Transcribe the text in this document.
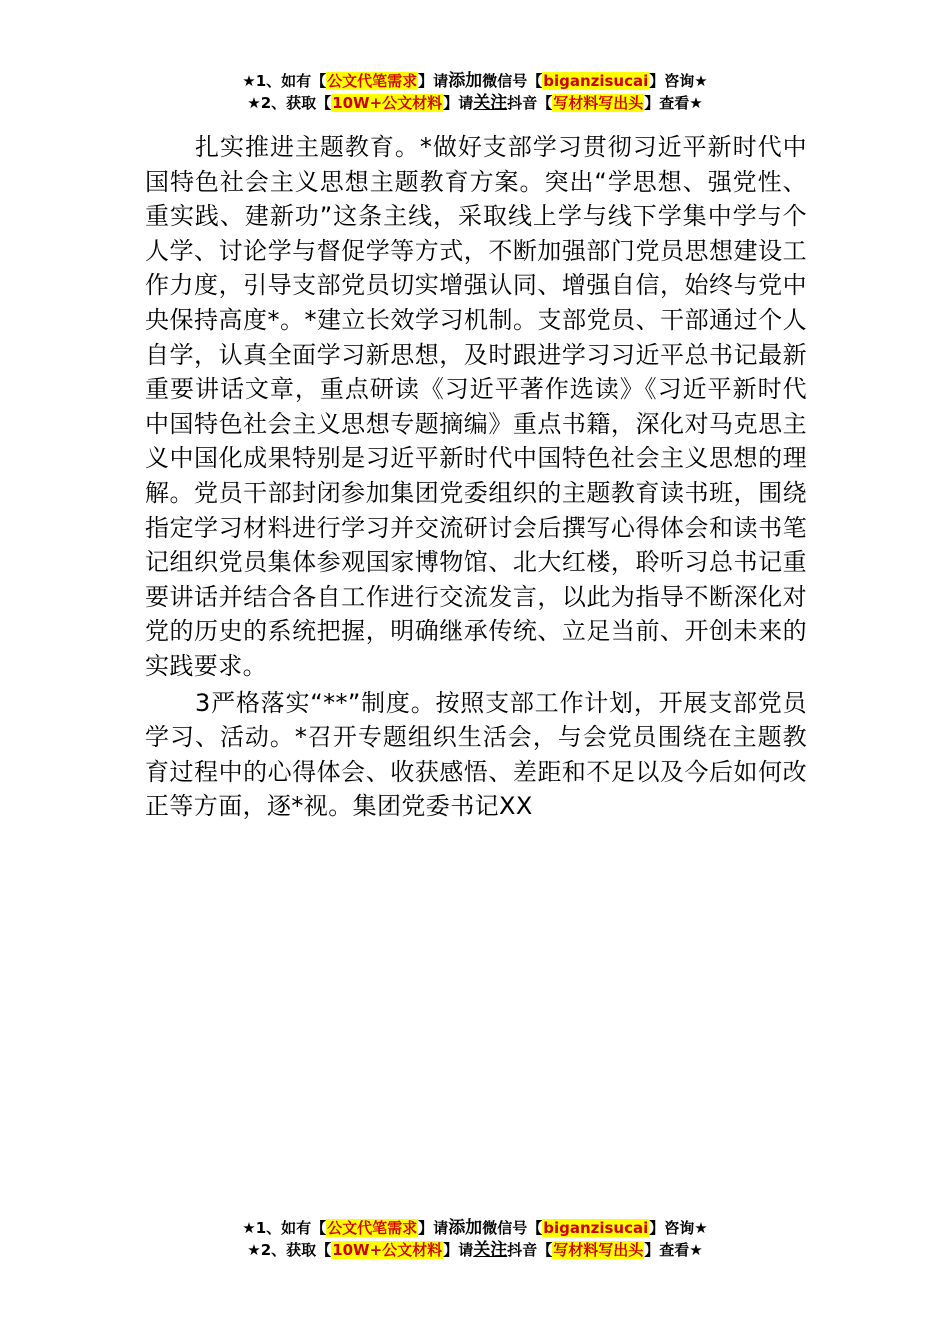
★1、如有【公文代笔需求】请添加微信号【biganzisucai】咨询★
★2、获取【10W+公文材料】请关注抖音【写材料写出头】查看★

扎实推进主题教育。*做好支部学习贯彻习近平新时代中国特色社会主义思想主题教育方案。突出“学思想、强党性、重实践、建新功”这条主线，采取线上学与线下学集中学与个人学、讨论学与督促学等方式，不断加强部门党员思想建设工作力度，引导支部党员切实增强认同、增强自信，始终与党中央保持高度*。*建立长效学习机制。支部党员、干部通过个人自学，认真全面学习新思想，及时跟进学习习近平总书记最新重要讲话文章，重点研读《习近平著作选读》《习近平新时代中国特色社会主义思想专题摘编》重点书籍，深化对马克思主义中国化成果特别是习近平新时代中国特色社会主义思想的理解。党员干部封闭参加集团党委组织的主题教育读书班，围绕指定学习材料进行学习并交流研讨会后撰写心得体会和读书笔记组织党员集体参观国家博物馆、北大红楼，聆听习总书记重要讲话并结合各自工作进行交流发言，以此为指导不断深化对党的历史的系统把握，明确继承传统、立足当前、开创未来的实践要求。

3严格落实“**”制度。按照支部工作计划，开展支部党员学习、活动。*召开专题组织生活会，与会党员围绕在主题教育过程中的心得体会、收获感悟、差距和不足以及今后如何改正等方面，逐*视。集团党委书记XX

★1、如有【公文代笔需求】请添加微信号【biganzisucai】咨询★
★2、获取【10W+公文材料】请关注抖音【写材料写出头】查看★
